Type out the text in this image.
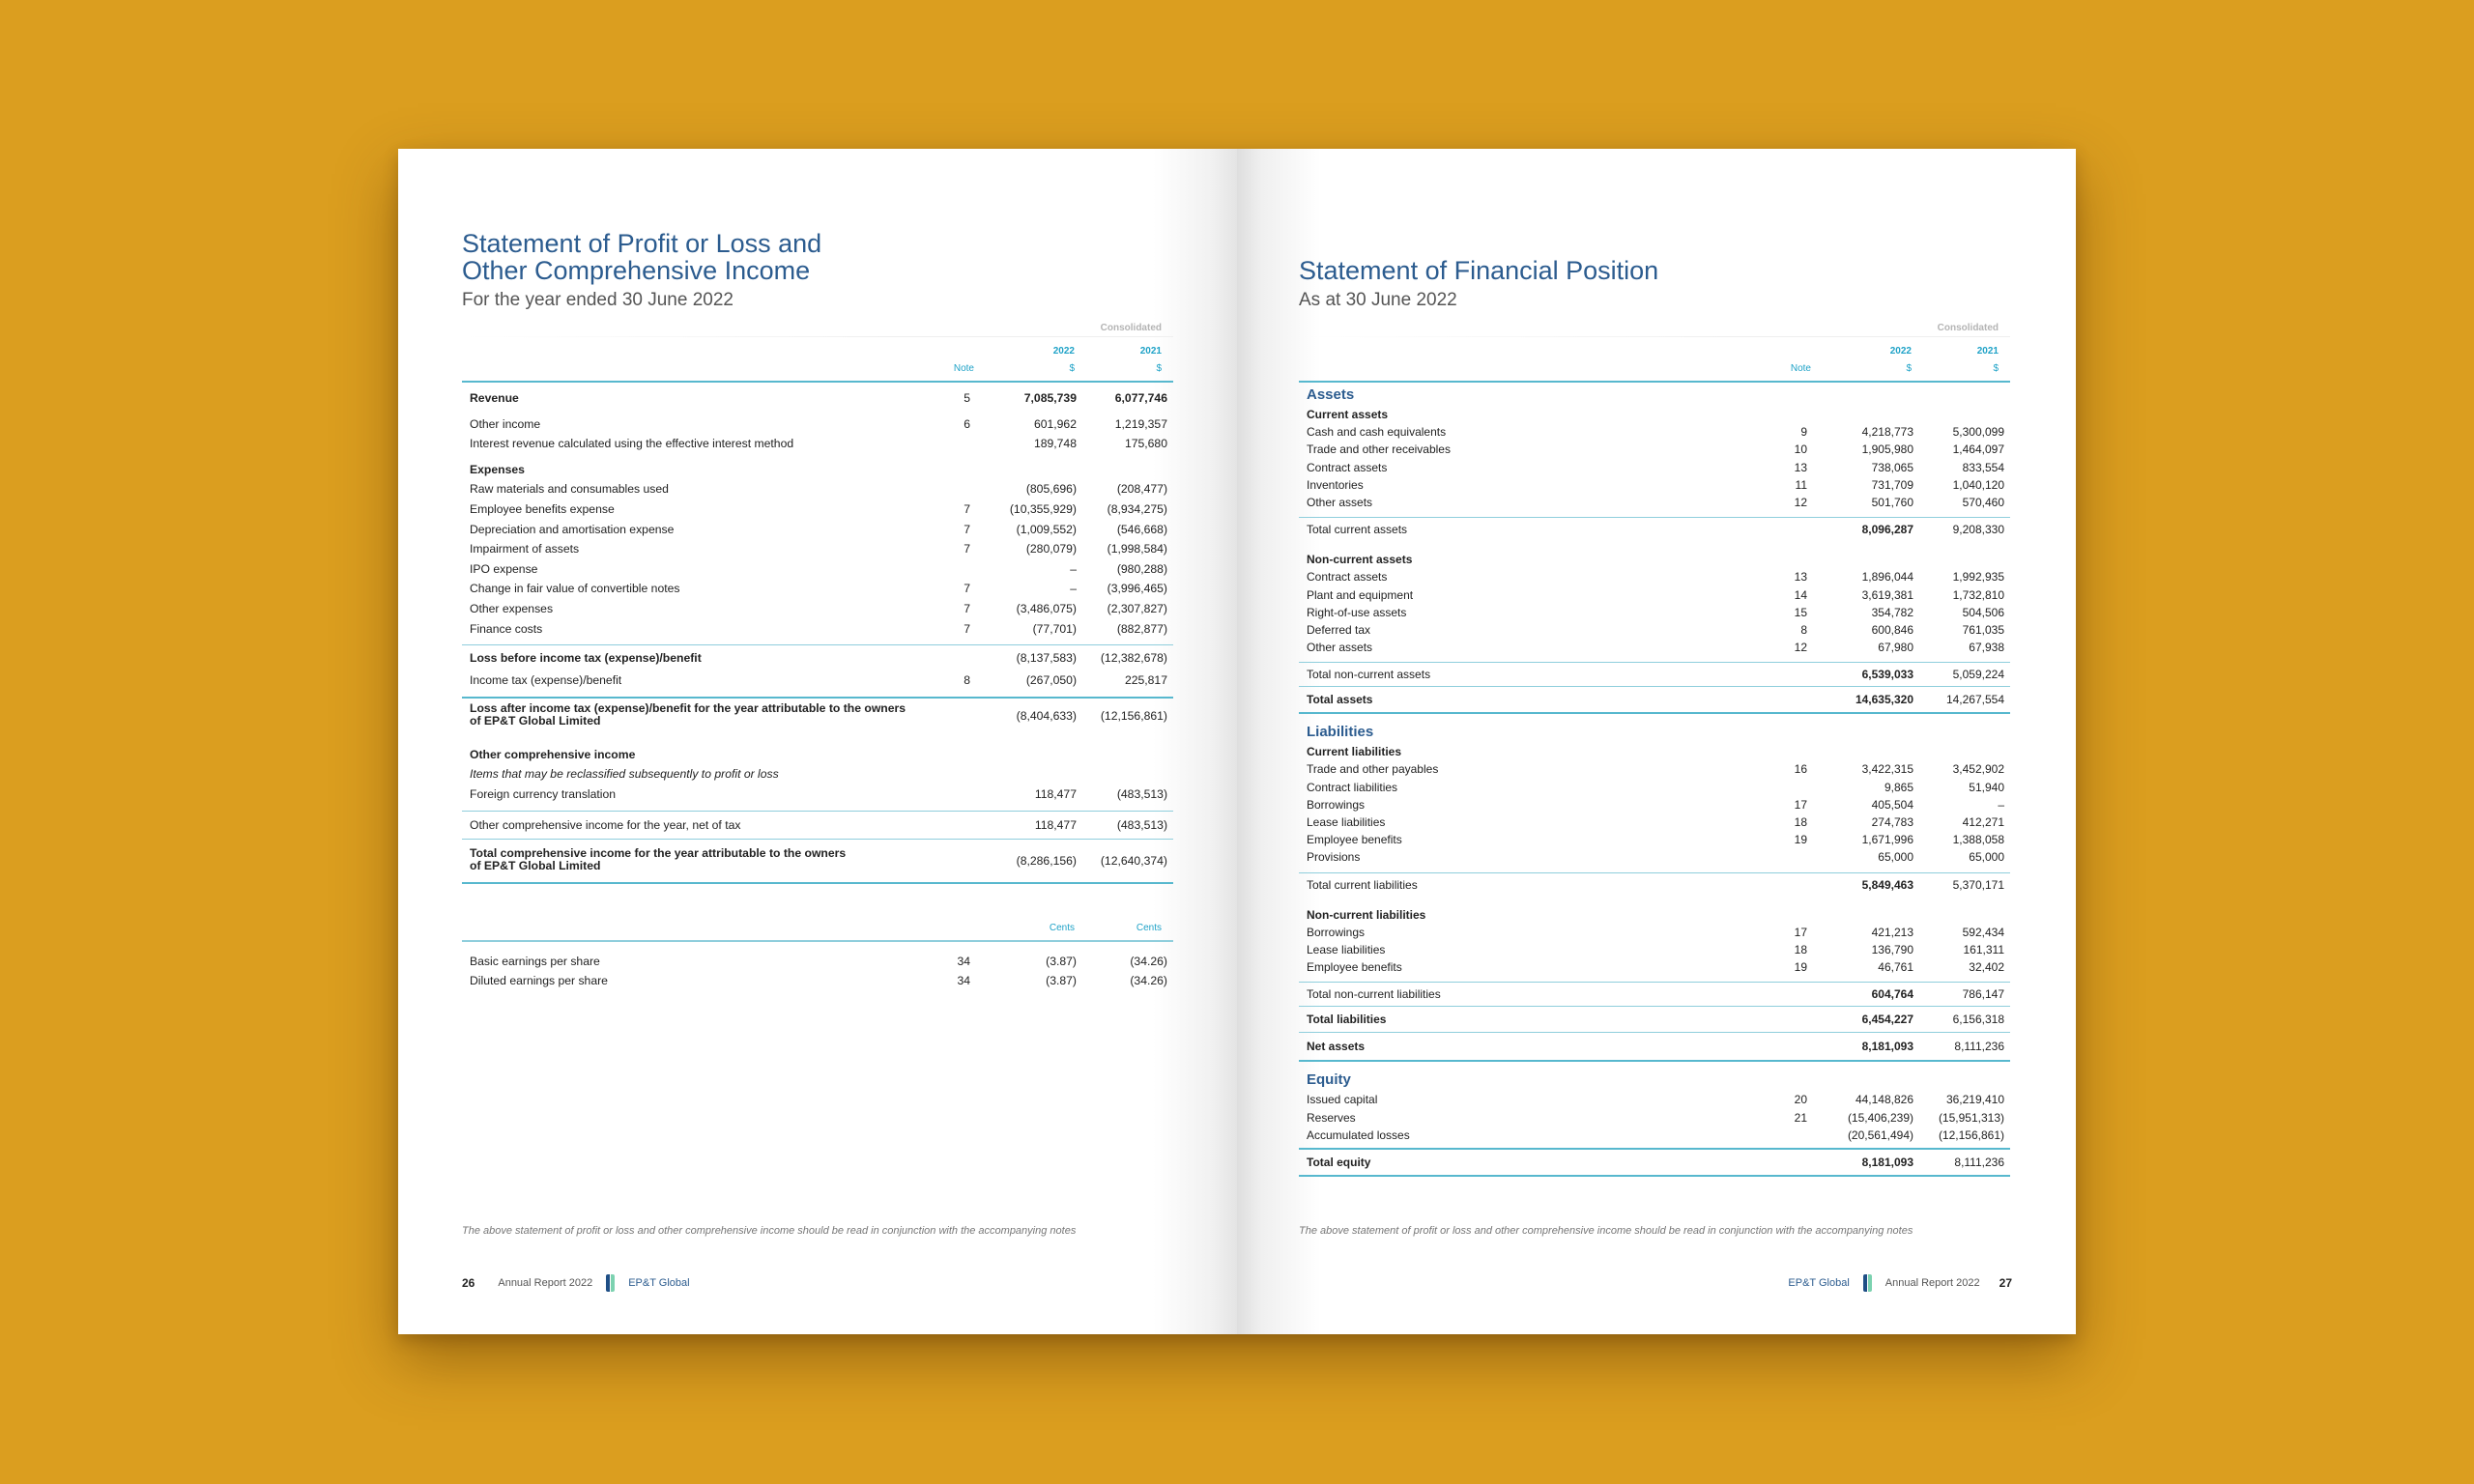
Statement of Profit or Loss and
Other Comprehensive Income
For the year ended 30 June 2022
Consolidated
2022	2021
Note	$	$
Revenue	5	7,085,739	6,077,746
Other income	6	601,962	1,219,357
Interest revenue calculated using the effective interest method	189,748	175,680
Expenses
Raw materials and consumables used	(805,696)	(208,477)
Employee benefits expense	7	(10,355,929)	(8,934,275)
Depreciation and amortisation expense	7	(1,009,552)	(546,668)
Impairment of assets	7	(280,079)	(1,998,584)
IPO expense	–	(980,288)
Change in fair value of convertible notes	7	–	(3,996,465)
Other expenses	7	(3,486,075)	(2,307,827)
Finance costs	7	(77,701)	(882,877)
Loss before income tax (expense)/benefit	(8,137,583) (12,382,678)
Income tax (expense)/benefit	8	(267,050)	225,817
Loss after income tax (expense)/benefit for the year attributable to the owners
of EP&T Global Limited	(8,404,633) (12,156,861)
Other comprehensive income
Items that may be reclassified subsequently to profit or loss
Foreign currency translation	118,477	(483,513)
Other comprehensive income for the year, net of tax	118,477	(483,513)
Total comprehensive income for the year attributable to the owners
of EP&T Global Limited	(8,286,156) (12,640,374)
Cents	Cents
Basic earnings per share	34	(3.87)	(34.26)
Diluted earnings per share	34	(3.87)	(34.26)
The above statement of profit or loss and other comprehensive income should be read in conjunction with the accompanying notes
26 Annual Report 2022	EP&T Global
Statement of Financial Position
As at 30 June 2022
Consolidated
2022	2021
Note	$	$
Assets
Current assets
Cash and cash equivalents	9	4,218,773	5,300,099
Trade and other receivables	10	1,905,980	1,464,097
Contract assets	13	738,065	833,554
Inventories	11	731,709	1,040,120
Other assets	12	501,760	570,460
Total current assets	8,096,287	9,208,330
Non-current assets
Contract assets	13	1,896,044	1,992,935
Plant and equipment	14	3,619,381	1,732,810
Right-of-use assets	15	354,782	504,506
Deferred tax	8	600,846	761,035
Other assets	12	67,980	67,938
Total non-current assets	6,539,033	5,059,224
Total assets	14,635,320	14,267,554
Liabilities
Current liabilities
Trade and other payables	16	3,422,315	3,452,902
Contract liabilities	9,865	51,940
Borrowings	17	405,504	–
Lease liabilities	18	274,783	412,271
Employee benefits	19	1,671,996	1,388,058
Provisions	65,000	65,000
Total current liabilities	5,849,463	5,370,171
Non-current liabilities
Borrowings	17	421,213	592,434
Lease liabilities	18	136,790	161,311
Employee benefits	19	46,761	32,402
Total non-current liabilities	604,764	786,147
Total liabilities	6,454,227	6,156,318
Net assets	8,181,093	8,111,236
Equity
Issued capital	20	44,148,826	36,219,410
Reserves	21	(15,406,239) (15,951,313)
Accumulated losses	(20,561,494) (12,156,861)
Total equity	8,181,093	8,111,236
The above statement of profit or loss and other comprehensive income should be read in conjunction with the accompanying notes
EP&T Global	Annual Report 2022 27
